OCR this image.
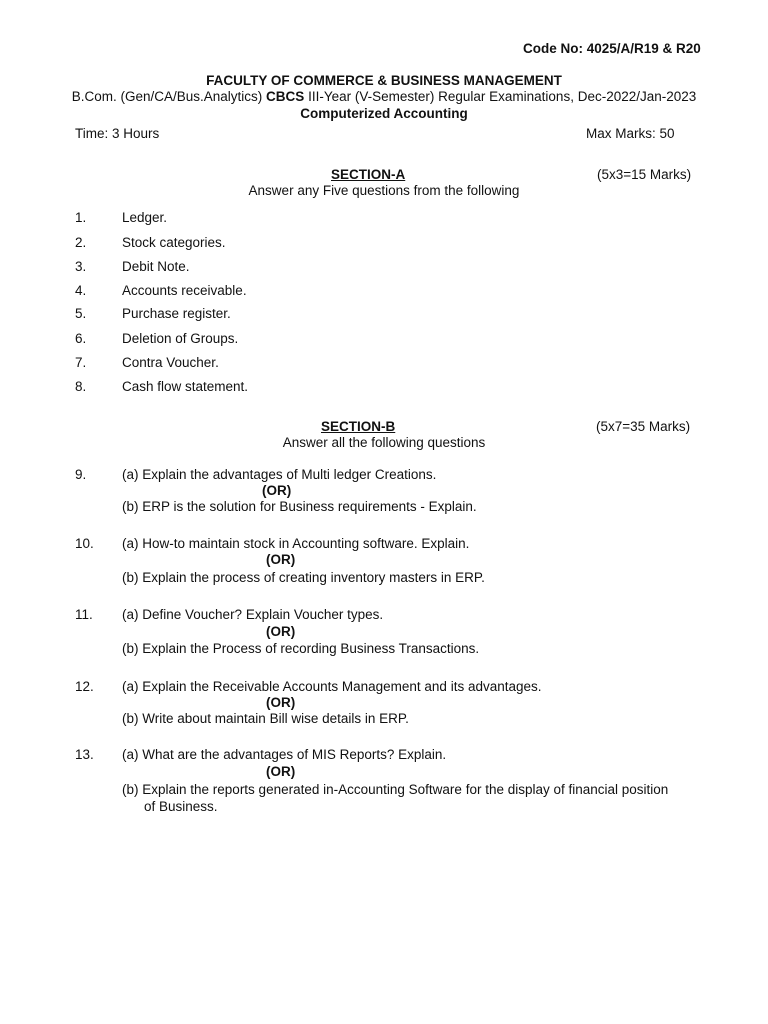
Code No: 4025/A/R19 & R20
FACULTY OF COMMERCE & BUSINESS MANAGEMENT
B.Com. (Gen/CA/Bus.Analytics) CBCS III-Year (V-Semester) Regular Examinations, Dec-2022/Jan-2023
Computerized Accounting
Time: 3 Hours	Max Marks: 50
SECTION-A	(5x3=15 Marks)
Answer any Five questions from the following
1.	Ledger.
2.	Stock categories.
3.	Debit Note.
4.	Accounts receivable.
5.	Purchase register.
6.	Deletion of Groups.
7.	Contra Voucher.
8.	Cash flow statement.
SECTION-B	(5x7=35 Marks)
Answer all the following questions
9.	(a) Explain the advantages of Multi ledger Creations.
(OR)
(b) ERP is the solution for Business requirements - Explain.
10. (a) How-to maintain stock in Accounting software. Explain.
(OR)
(b) Explain the process of creating inventory masters in ERP.
11. (a) Define Voucher? Explain Voucher types.
(OR)
(b) Explain the Process of recording Business Transactions.
12. (a) Explain the Receivable Accounts Management and its advantages.
(OR)
(b) Write about maintain Bill wise details in ERP.
13. (a) What are the advantages of MIS Reports? Explain.
(OR)
(b) Explain the reports generated in-Accounting Software for the display of financial position
of Business.
